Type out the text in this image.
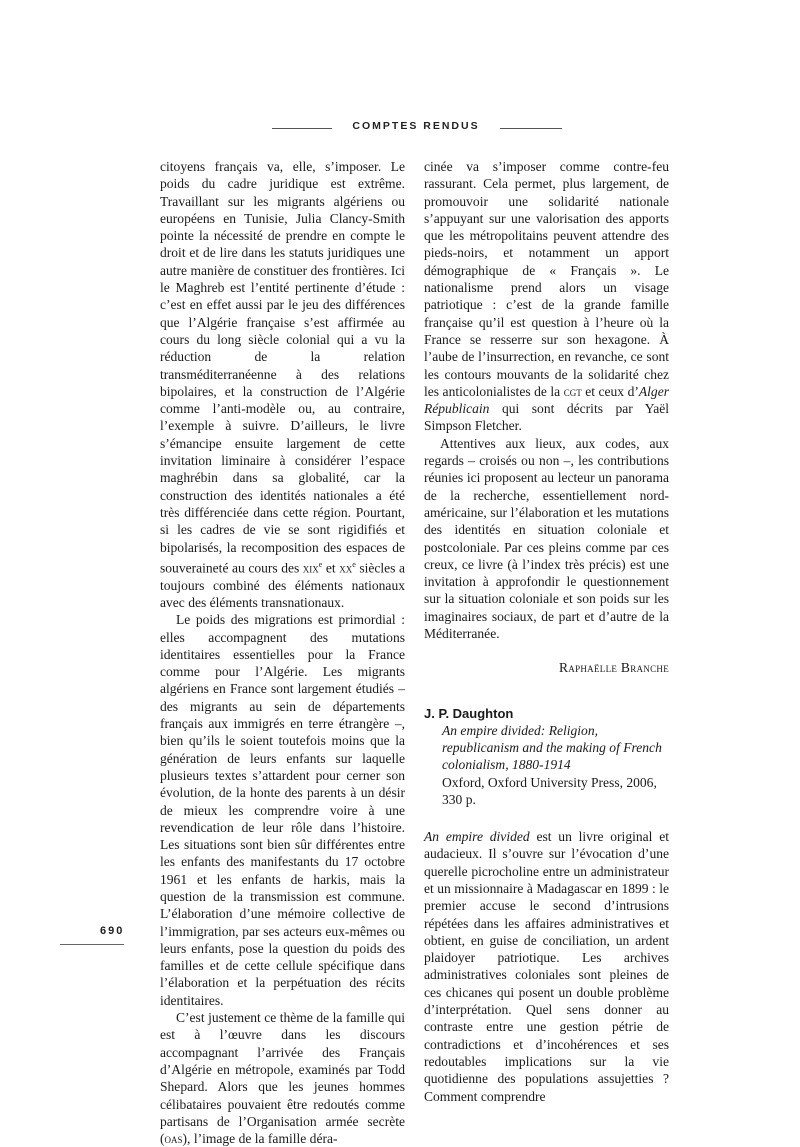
COMPTES RENDUS

citoyens français va, elle, s’imposer. Le poids du cadre juridique est extrême. Travaillant sur les migrants algériens ou européens en Tunisie, Julia Clancy-Smith pointe la nécessité de prendre en compte le droit et de lire dans les statuts juridiques une autre manière de constituer des frontières. Ici le Maghreb est l’entité pertinente d’étude : c’est en effet aussi par le jeu des différences que l’Algérie française s’est affirmée au cours du long siècle colonial qui a vu la réduction de la relation transméditerranéenne à des relations bipolaires, et la construction de l’Algérie comme l’anti-modèle ou, au contraire, l’exemple à suivre. D’ailleurs, le livre s’émancipe ensuite largement de cette invitation liminaire à considérer l’espace maghrébin dans sa globalité, car la construction des identités nationales a été très différenciée dans cette région. Pourtant, si les cadres de vie se sont rigidifiés et bipolarisés, la recomposition des espaces de souveraineté au cours des xix$^e$ et $xx^e$ siècles a toujours combiné des éléments nationaux avec des éléments transnationaux.

Le poids des migrations est primordial : elles accompagnent des mutations identitaires essentielles pour la France comme pour l’Algérie. Les migrants algériens en France sont largement étudiés – des migrants au sein de départements français aux immigrés en terre étrangère –, bien qu’ils le soient toutefois moins que la génération de leurs enfants sur laquelle plusieurs textes s’attardent pour cerner son évolution, de la honte des parents à un désir de mieux les comprendre voire à une revendication de leur rôle dans l’histoire. Les situations sont bien sûr différentes entre les enfants des manifestants du 17 octobre 1961 et les enfants de harkis, mais la question de la transmission est commune. L’élaboration d’une mémoire collective de l’immigration, par ses acteurs eux-mêmes ou leurs enfants, pose la question du poids des familles et de cette cellule spécifique dans l’élaboration et la perpétuation des récits identitaires.

C’est justement ce thème de la famille qui est à l’œuvre dans les discours accompagnant l’arrivée des Français d’Algérie en métropole, examinés par Todd Shepard. Alors que les jeunes hommes célibataires pouvaient être redoutés comme partisans de l’Organisation armée secrète (oas), l’image de la famille déra-

cinée va s’imposer comme contre-feu rassurant. Cela permet, plus largement, de promouvoir une solidarité nationale s’appuyant sur une valorisation des apports que les métropolitains peuvent attendre des pieds-noirs, et notamment un apport démographique de « Français ». Le nationalisme prend alors un visage patriotique : c’est de la grande famille française qu’il est question à l’heure où la France se resserre sur son hexagone. À l’aube de l’insurrection, en revanche, ce sont les contours mouvants de la solidarité chez les anticolonialistes de la cgt et ceux d’Alger Républicain qui sont décrits par Yaël Simpson Fletcher.

Attentives aux lieux, aux codes, aux regards – croisés ou non –, les contributions réunies ici proposent au lecteur un panorama de la recherche, essentiellement nord-américaine, sur l’élaboration et les mutations des identités en situation coloniale et postcoloniale. Par ces pleins comme par ces creux, ce livre (à l’index très précis) est une invitation à approfondir le questionnement sur la situation coloniale et son poids sur les imaginaires sociaux, de part et d’autre de la Méditerranée.

Raphaëlle Branche

J. P. Daughton

An empire divided: Religion, republicanism and the making of French colonialism, 1880-1914

Oxford, Oxford University Press, 2006,

330 p.

An empire divided est un livre original et audacieux. Il s’ouvre sur l’évocation d’une querelle picrocholine entre un administrateur et un missionnaire à Madagascar en 1899 : le premier accuse le second d’intrusions répétées dans les affaires administratives et obtient, en guise de conciliation, un ardent plaidoyer patriotique. Les archives administratives coloniales sont pleines de ces chicanes qui posent un double problème d’interprétation. Quel sens donner au contraste entre une gestion pétrie de contradictions et d’incohérences et ses redoutables implications sur la vie quotidienne des populations assujetties ? Comment comprendre

690
